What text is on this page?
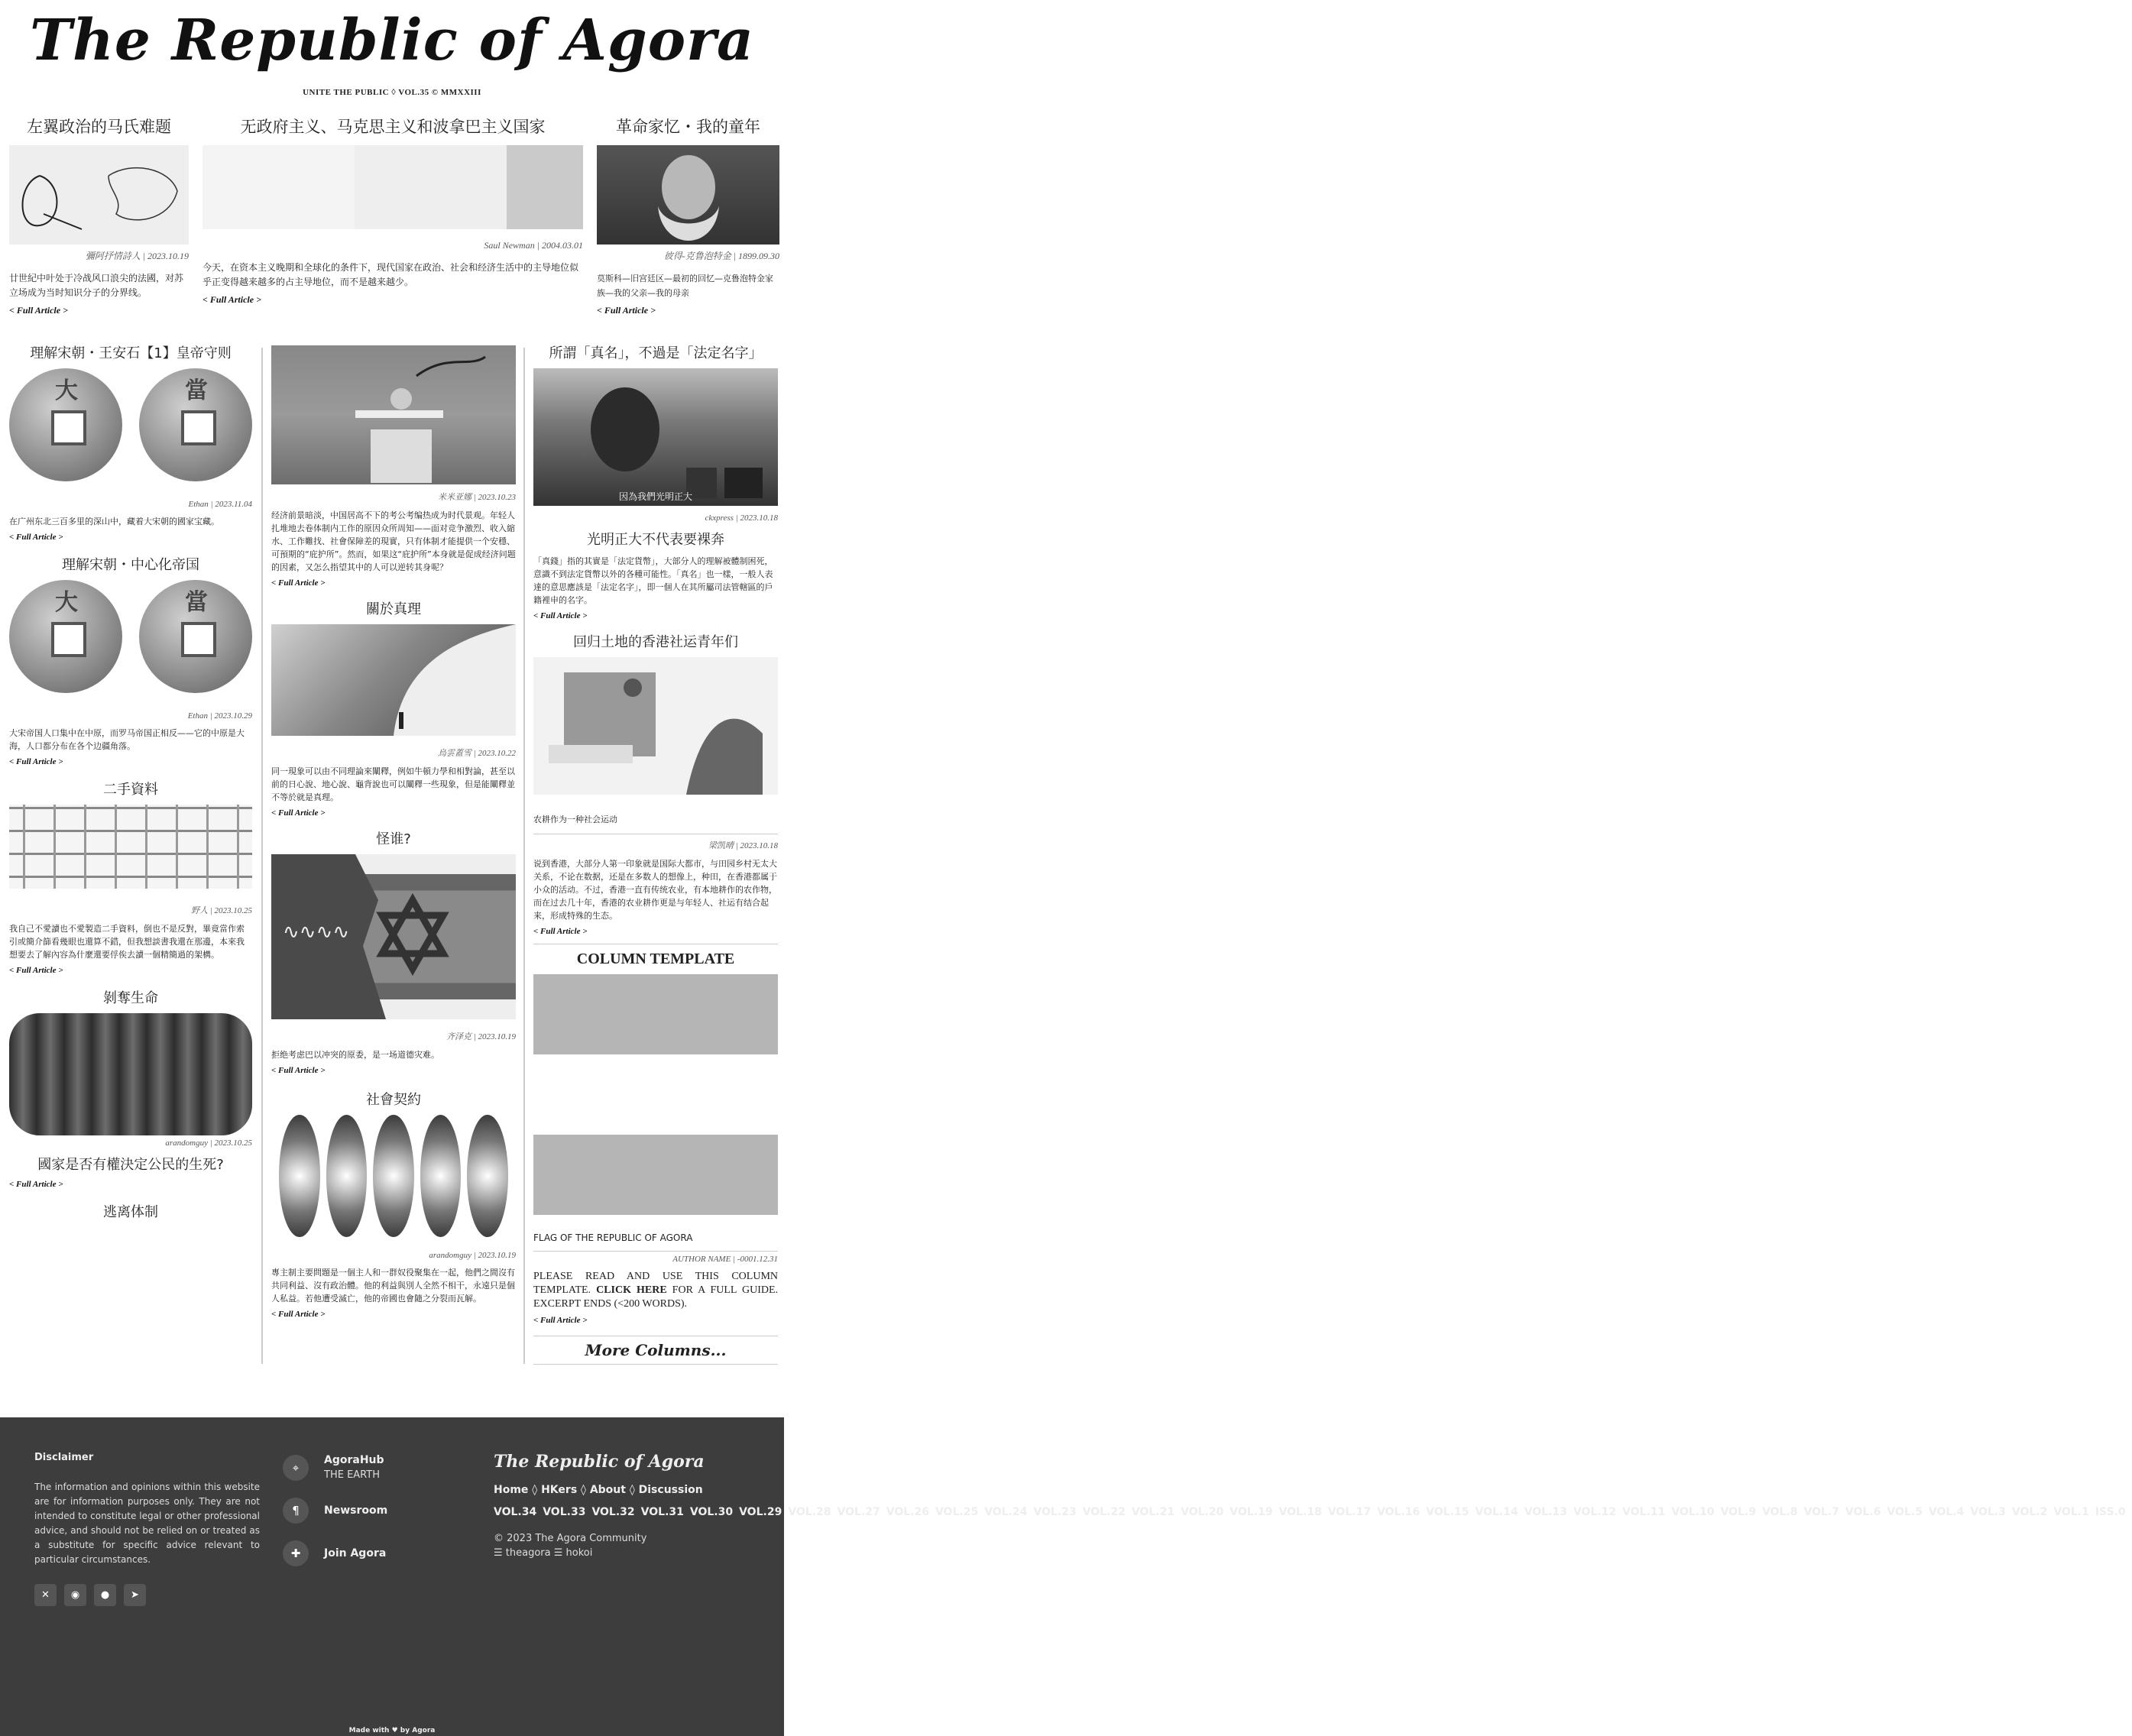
The Republic of Agora
UNITE THE PUBLIC ◊ VOL.35 © MMXXIII
左翼政治的马氏难题
彌阿抒情詩人 | 2023.10.19
廿世紀中叶处于冷战风口浪尖的法國，对苏立场成为当时知识分子的分界线。
< Full Article >
无政府主义、马克思主义和波拿巴主义国家
Saul Newman | 2004.03.01
今天，在资本主义晚期和全球化的条件下，现代国家在政治、社会和经济生活中的主导地位似乎正变得越来越多的占主导地位，而不是越来越少。
< Full Article >
革命家忆・我的童年
彼得-克鲁泡特金 | 1899.09.30
莫斯科—旧宫廷区—最初的回忆—克鲁泡特金家族—我的父亲—我的母亲
< Full Article >
理解宋朝・王安石【1】皇帝守则
大	當
Ethan | 2023.11.04
在广州东北三百多里的深山中，藏着大宋朝的國家宝藏。
< Full Article >
理解宋朝・中心化帝国
大	當
Ethan | 2023.10.29
大宋帝国人口集中在中原，而罗马帝国正相反——它的中原是大海，人口都分布在各个边疆角落。
< Full Article >
二手資料
野人 | 2023.10.25
我自己不愛讀也不愛製造二手資料，倒也不是反對，畢竟當作索引或簡介篩看幾眼也還算不錯，但我想談書我還在那邊，本來我想要去了解內容為什麼還要俘俟去讀一個精簡過的架構。
< Full Article >
剝奪生命
arandomguy | 2023.10.25
國家是否有權決定公民的生死?
< Full Article >
逃离体制
米米亚娜 | 2023.10.23
经济前景暗淡，中国居高不下的考公考编热成为时代景观。年轻人扎堆地去卷体制内工作的原因众所周知——面对竞争激烈、收入縮水、工作難找、社會保障差的現實，只有体制才能提供一个安穩、可預期的“庇护所”。然而，如果这“庇护所”本身就是促成经济问题的因素，又怎么指望其中的人可以逆转其身呢？
< Full Article >
關於真理
烏雲蓋雪 | 2023.10.22
同一現象可以由不同理論來闡釋，例如牛頓力學和相對論，甚至以前的日心說、地心說、龜背說也可以闡釋一些現象，但是能闡釋並不等於就是真理。
< Full Article >
怪谁?
∿∿∿∿
齐泽克 | 2023.10.19
拒绝考虑巴以冲突的原委，是一场道德灾难。
< Full Article >
社會契約
arandomguy | 2023.10.19
專主制主要問題是一個主人和一群奴役聚集在一起，他們之間沒有共同利益、沒有政治體。他的利益與別人全然不相干，永遠只是個人私益。若他遭受滅亡，他的帝國也會隨之分裂而瓦解。
< Full Article >
所謂「真名」，不過是「法定名字」
因為我們光明正大
ckxpress | 2023.10.18
光明正大不代表要裸奔
「真錢」指的其實是「法定貨幣」，大部分人的理解被體制困死，意識不到法定貨幣以外的各種可能性。「真名」也一樣，一般人表達的意思應該是「法定名字」，即一個人在其所屬司法管轄區的戶籍裡申的名字。
< Full Article >
回归土地的香港社运青年们
农耕作为一种社会运动
梁凯晴 | 2023.10.18
说到香港，大部分人第一印象就是国际大都市，与田园乡村无太大关系，不论在数据，还是在多数人的想像上，种田，在香港都属于小众的活动。不过，香港一直有传统农业，有本地耕作的农作物，而在过去几十年，香港的农业耕作更是与年轻人、社运有结合起来，形成特殊的生态。
< Full Article >
COLUMN TEMPLATE
FLAG OF THE REPUBLIC OF AGORA
AUTHOR NAME | -0001.12.31
PLEASE READ AND USE THIS COLUMN TEMPLATE. CLICK HERE FOR A FULL GUIDE. EXCERPT ENDS (<200 WORDS).
< Full Article >
More Columns...
Disclaimer

The information and opinions within this website are for information purposes only. They are not intended to constitute legal or other professional advice, and should not be relied on or treated as a substitute for specific advice relevant to particular circumstances.

✕	◉	●	➤
⌖
AgoraHub
THE EARTH
¶	Newsroom
✚	Join Agora
The Republic of Agora
Home ◊ HKers ◊ About ◊ Discussion
VOL.34 VOL.33 VOL.32 VOL.31 VOL.30 VOL.29 VOL.28 VOL.27 VOL.26 VOL.25 VOL.24 VOL.23 VOL.22 VOL.21 VOL.20 VOL.19 VOL.18 VOL.17 VOL.16 VOL.15 VOL.14 VOL.13 VOL.12 VOL.11 VOL.10 VOL.9 VOL.8 VOL.7 VOL.6 VOL.5 VOL.4 VOL.3 VOL.2 VOL.1 ISS.0
© 2023 The Agora Community
☰ theagora ☰ hokoi
Made with ♥ by Agora
